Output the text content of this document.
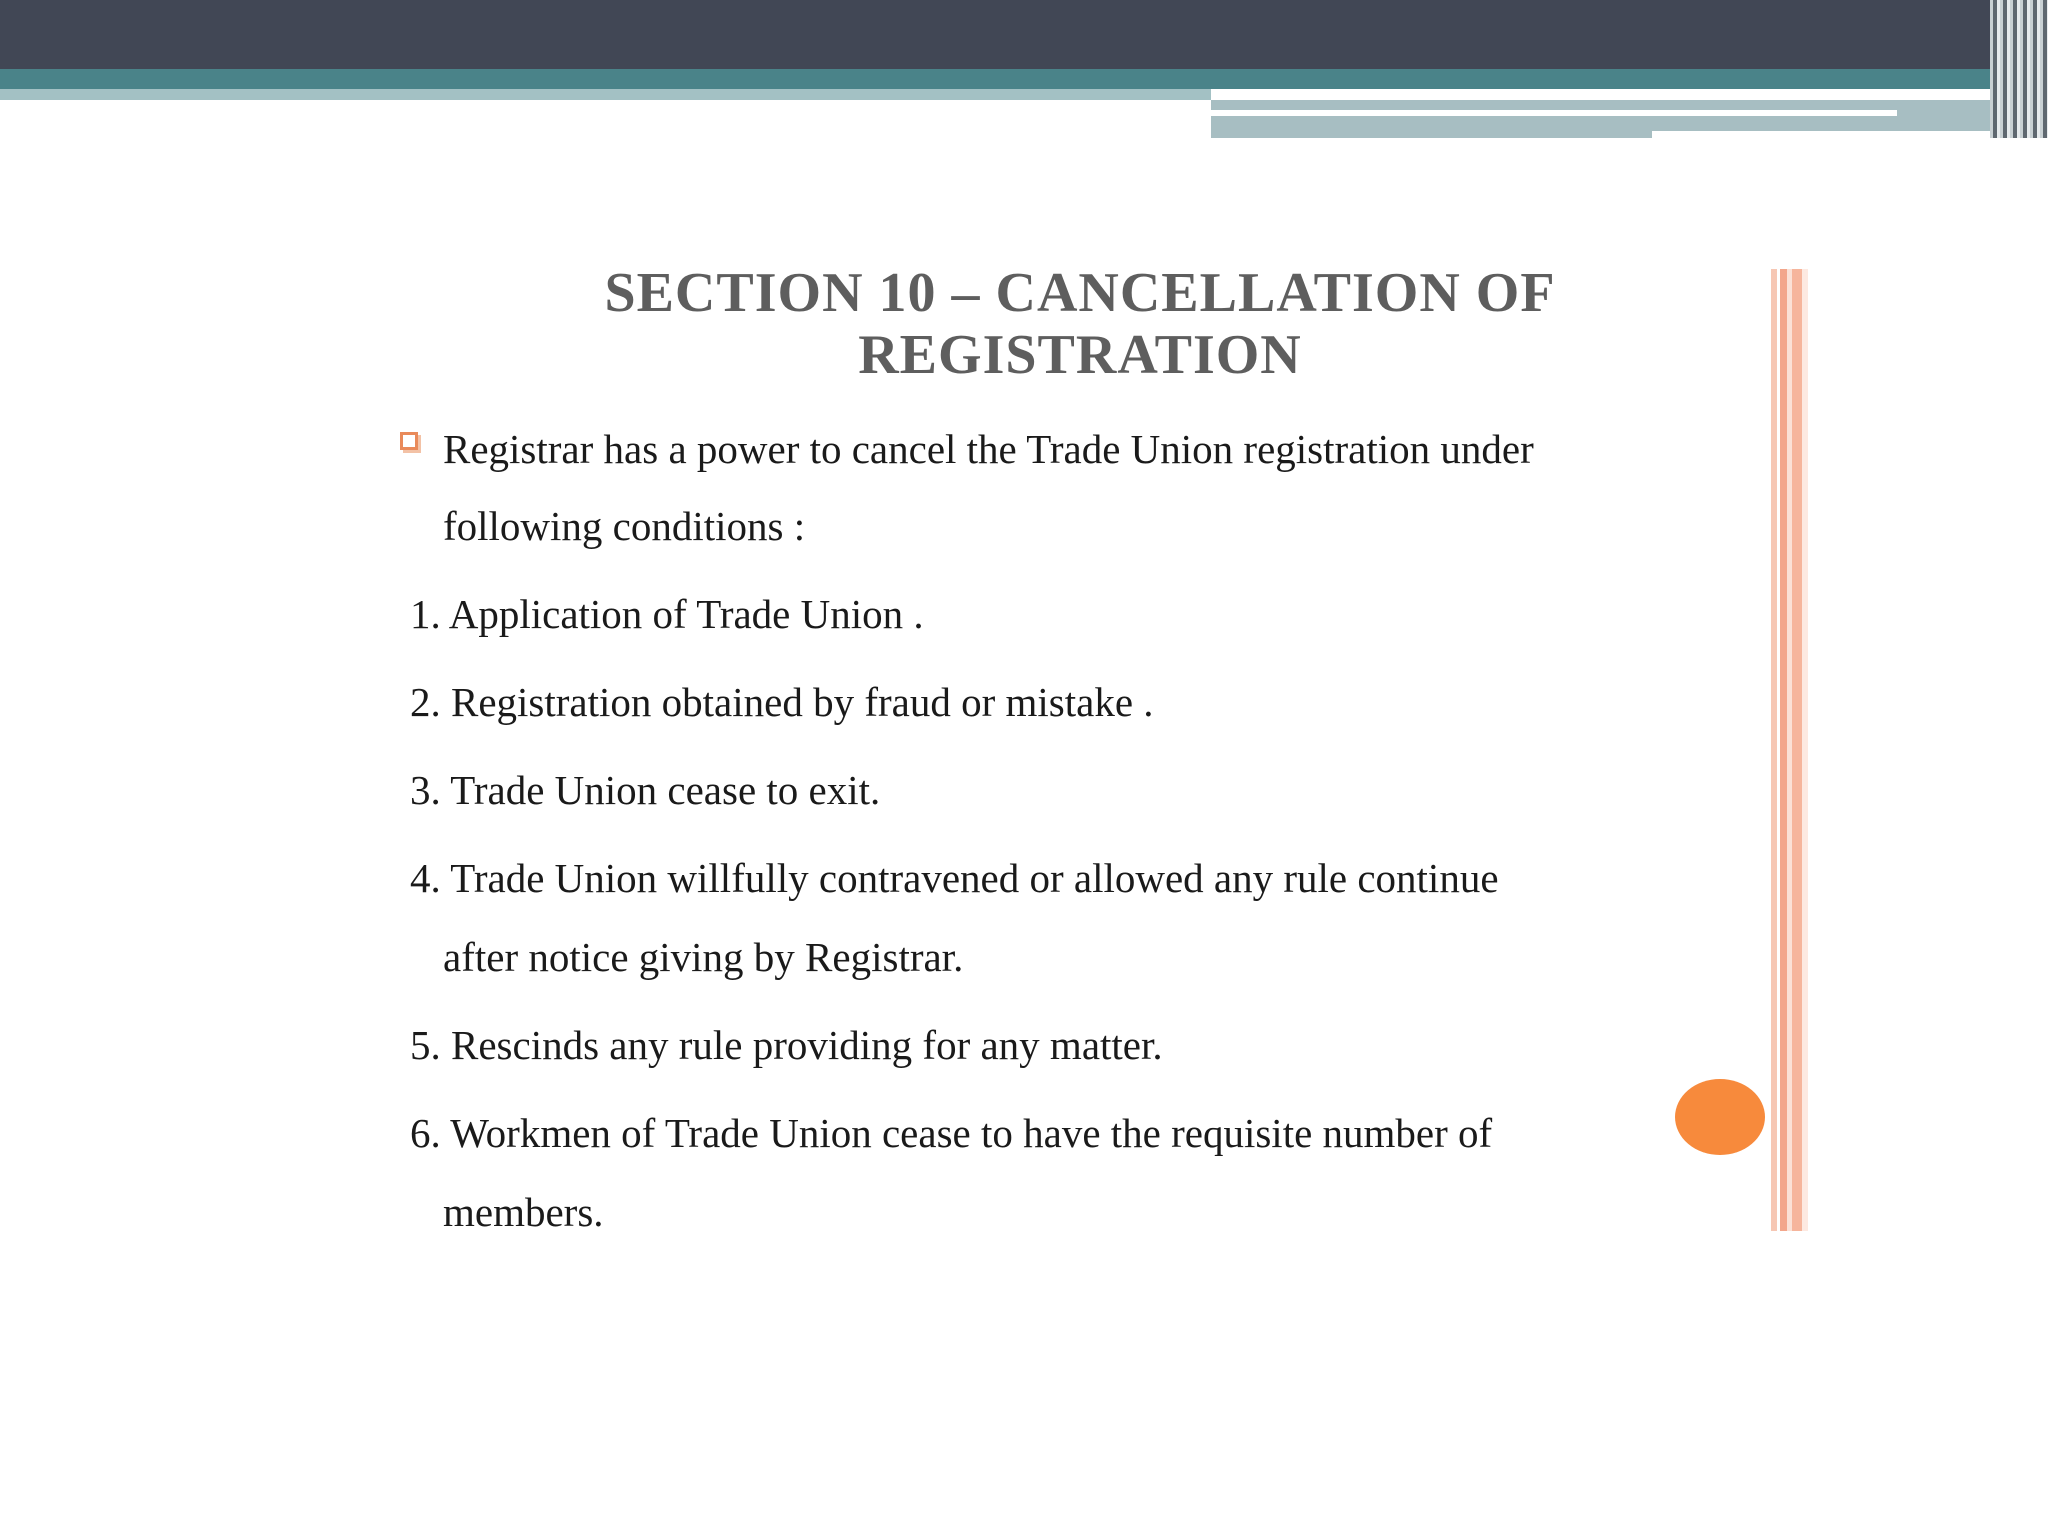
SECTION 10 – CANCELLATION OF
REGISTRATION
Registrar has a power to cancel the Trade Union registration under
following conditions :
1. Application of Trade Union .
2. Registration obtained by fraud or mistake .
3. Trade Union cease to exit.
4. Trade Union willfully contravened or allowed any rule continue
after notice giving by Registrar.
5. Rescinds any rule providing for any matter.
6. Workmen of Trade Union cease to have the requisite number of
members.
